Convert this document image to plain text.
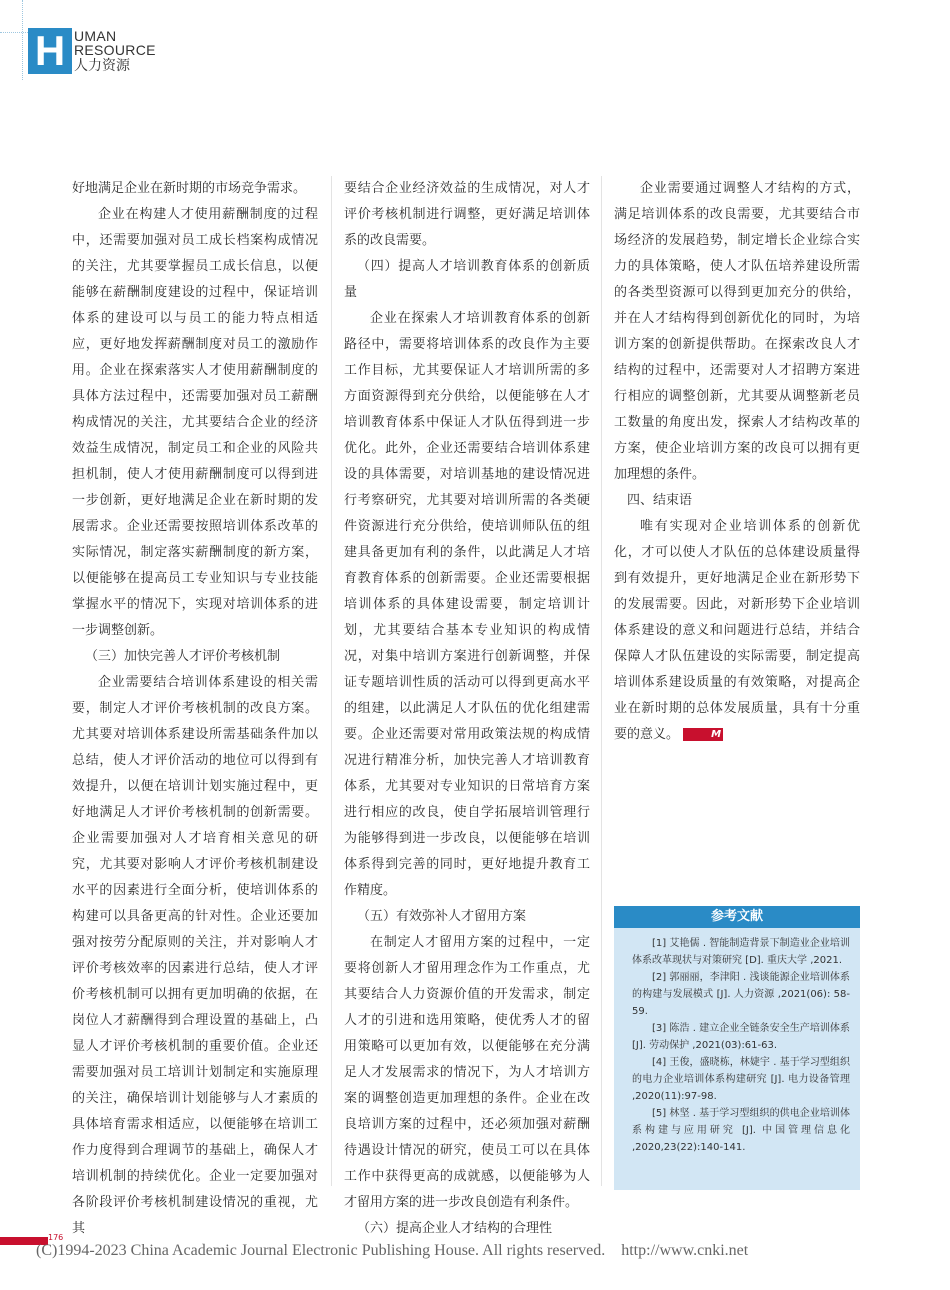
H UMAN
RESOURCE
人力资源

好地满足企业在新时期的市场竞争需求。

企业在构建人才使用薪酬制度的过程中，还需要加强对员工成长档案构成情况的关注，尤其要掌握员工成长信息，以便能够在薪酬制度建设的过程中，保证培训体系的建设可以与员工的能力特点相适应，更好地发挥薪酬制度对员工的激励作用。企业在探索落实人才使用薪酬制度的具体方法过程中，还需要加强对员工薪酬构成情况的关注，尤其要结合企业的经济效益生成情况，制定员工和企业的风险共担机制，使人才使用薪酬制度可以得到进一步创新，更好地满足企业在新时期的发展需求。企业还需要按照培训体系改革的实际情况，制定落实薪酬制度的新方案，以便能够在提高员工专业知识与专业技能掌握水平的情况下，实现对培训体系的进一步调整创新。

（三）加快完善人才评价考核机制

企业需要结合培训体系建设的相关需要，制定人才评价考核机制的改良方案。尤其要对培训体系建设所需基础条件加以总结，使人才评价活动的地位可以得到有效提升，以便在培训计划实施过程中，更好地满足人才评价考核机制的创新需要。企业需要加强对人才培育相关意见的研究，尤其要对影响人才评价考核机制建设水平的因素进行全面分析，使培训体系的构建可以具备更高的针对性。企业还要加强对按劳分配原则的关注，并对影响人才评价考核效率的因素进行总结，使人才评价考核机制可以拥有更加明确的依据，在岗位人才薪酬得到合理设置的基础上，凸显人才评价考核机制的重要价值。企业还需要加强对员工培训计划制定和实施原理的关注，确保培训计划能够与人才素质的具体培育需求相适应，以便能够在培训工作力度得到合理调节的基础上，确保人才培训机制的持续优化。企业一定要加强对各阶段评价考核机制建设情况的重视，尤其

要结合企业经济效益的生成情况，对人才评价考核机制进行调整，更好满足培训体系的改良需要。

（四）提高人才培训教育体系的创新质量

企业在探索人才培训教育体系的创新路径中，需要将培训体系的改良作为主要工作目标，尤其要保证人才培训所需的多方面资源得到充分供给，以便能够在人才培训教育体系中保证人才队伍得到进一步优化。此外，企业还需要结合培训体系建设的具体需要，对培训基地的建设情况进行考察研究，尤其要对培训所需的各类硬件资源进行充分供给，使培训师队伍的组建具备更加有利的条件，以此满足人才培育教育体系的创新需要。企业还需要根据培训体系的具体建设需要，制定培训计划，尤其要结合基本专业知识的构成情况，对集中培训方案进行创新调整，并保证专题培训性质的活动可以得到更高水平的组建，以此满足人才队伍的优化组建需要。企业还需要对常用政策法规的构成情况进行精准分析，加快完善人才培训教育体系，尤其要对专业知识的日常培育方案进行相应的改良，使自学拓展培训管理行为能够得到进一步改良，以便能够在培训体系得到完善的同时，更好地提升教育工作精度。

（五）有效弥补人才留用方案

在制定人才留用方案的过程中，一定要将创新人才留用理念作为工作重点，尤其要结合人力资源价值的开发需求，制定人才的引进和选用策略，使优秀人才的留用策略可以更加有效，以便能够在充分满足人才发展需求的情况下，为人才培训方案的调整创造更加理想的条件。企业在改良培训方案的过程中，还必须加强对薪酬待遇设计情况的研究，使员工可以在具体工作中获得更高的成就感，以便能够为人才留用方案的进一步改良创造有利条件。

（六）提高企业人才结构的合理性

企业需要通过调整人才结构的方式，满足培训体系的改良需要，尤其要结合市场经济的发展趋势，制定增长企业综合实力的具体策略，使人才队伍培养建设所需的各类型资源可以得到更加充分的供给，并在人才结构得到创新优化的同时，为培训方案的创新提供帮助。在探索改良人才结构的过程中，还需要对人才招聘方案进行相应的调整创新，尤其要从调整新老员工数量的角度出发，探索人才结构改革的方案，使企业培训方案的改良可以拥有更加理想的条件。

四、结束语

唯有实现对企业培训体系的创新优化，才可以使人才队伍的总体建设质量得到有效提升，更好地满足企业在新形势下的发展需要。因此，对新形势下企业培训体系建设的意义和问题进行总结，并结合保障人才队伍建设的实际需要，制定提高培训体系建设质量的有效策略，对提高企业在新时期的总体发展质量，具有十分重要的意义。	M

参考文献
[1] 艾艳儒 . 智能制造背景下制造业企业培训体系改革现状与对策研究 [D]. 重庆大学 ,2021.
[2] 郭丽丽，李津阳 . 浅谈能源企业培训体系的构建与发展模式 [J]. 人力资源 ,2021(06): 58-59.
[3] 陈浩 . 建立企业全链条安全生产培训体系 [J]. 劳动保护 ,2021(03):61-63.
[4] 王俊，盛晓栋，林婕宇 . 基于学习型组织的电力企业培训体系构建研究 [J]. 电力设备管理 ,2020(11):97-98.
[5] 林坚 . 基于学习型组织的供电企业培训体系构建与应用研究 [J]. 中国管理信息化 ,2020,23(22):140-141.
176
(C)1994-2023 China Academic Journal Electronic Publishing House. All rights reserved. http://www.cnki.net
